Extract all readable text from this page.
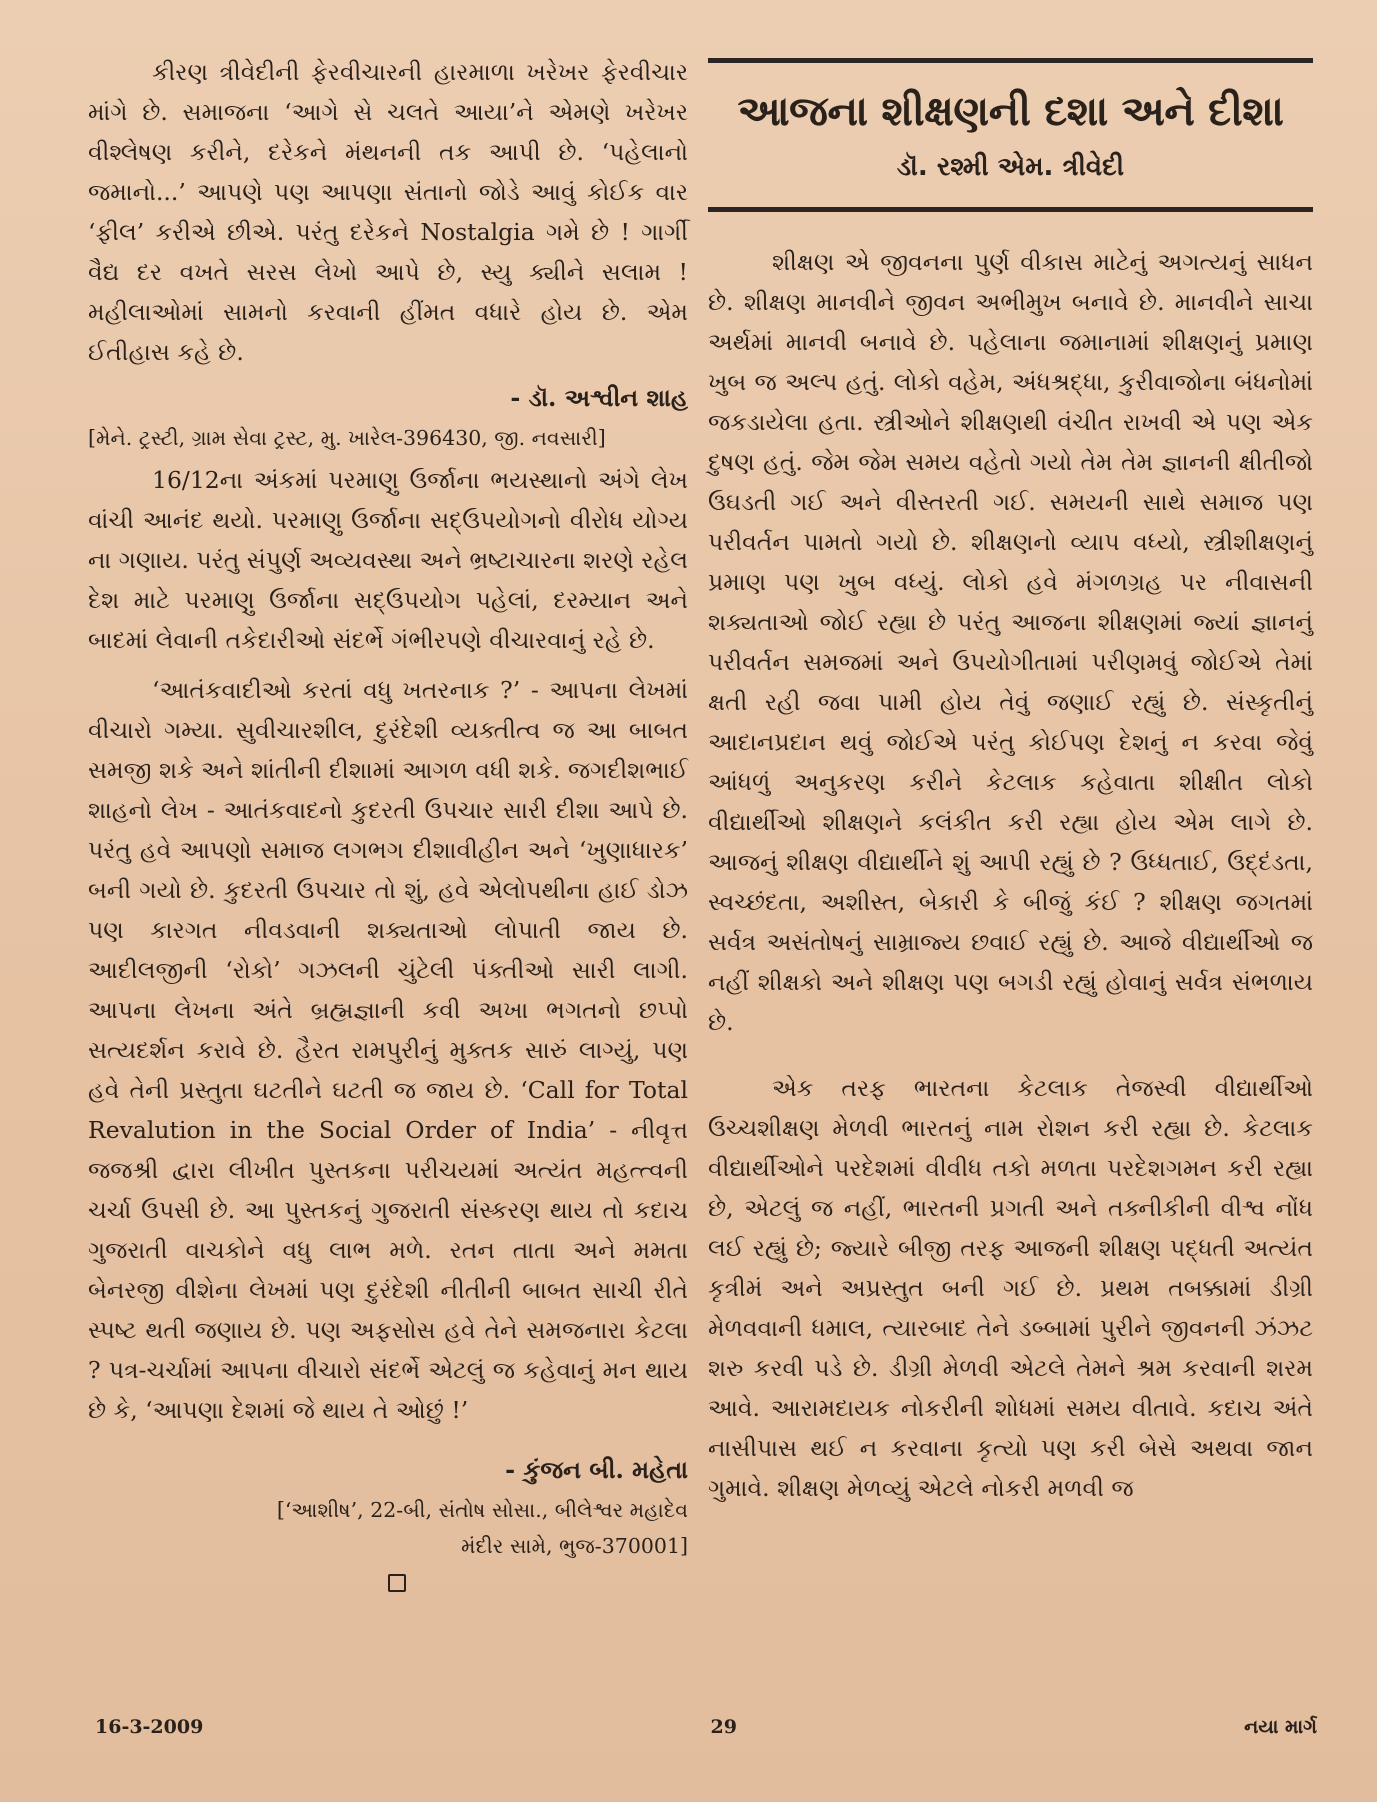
કીરણ ત્રીવેદીની ફેરવીચારની હારમાળા ખરેખર ફેરવીચાર માંગે છે. સમાજના ‘આગે સે ચલતે આયા’ને એમણે ખરેખર વીશ્લેષણ કરીને, દરેકને મંથનની તક આપી છે. ‘પહેલાનો જમાનો...’ આપણે પણ આપણા સંતાનો જોડે આવું કોઈક વાર ‘ફીલ’ કરીએ છીએ. પરંતુ દરેકને Nostalgia ગમે છે ! ગાર્ગી વૈદ્ય દર વખતે સરસ લેખો આપે છે, સ્યુ ક્યીને સલામ ! મહીલાઓમાં સામનો કરવાની હીંમત વધારે હોય છે. એમ ઈતીહાસ કહે છે.

- ડૉ. અશ્વીન શાહ
[મેને. ટ્રસ્ટી, ગ્રામ સેવા ટ્રસ્ટ, મુ. ખારેલ-396430, જી. નવસારી]

16/12ના અંકમાં પરમાણુ ઉર્જાના ભયસ્થાનો અંગે લેખ વાંચી આનંદ થયો. પરમાણુ ઉર્જાના સદ્ઉપયોગનો વીરોધ યોગ્ય ના ગણાય. પરંતુ સંપુર્ણ અવ્યવસ્થા અને ભ્રષ્ટાચારના શરણે રહેલ દેશ માટે પરમાણુ ઉર્જાના સદ્ઉપયોગ પહેલાં, દરમ્યાન અને બાદમાં લેવાની તકેદારીઓ સંદર્ભે ગંભીરપણે વીચારવાનું રહે છે.

‘આતંકવાદીઓ કરતાં વધુ ખતરનાક ?’ - આપના લેખમાં વીચારો ગમ્યા. સુવીચારશીલ, દુરંદેશી વ્યક્તીત્વ જ આ બાબત સમજી શકે અને શાંતીની દીશામાં આગળ વધી શકે. જગદીશભાઈ શાહનો લેખ - આતંકવાદનો કુદરતી ઉપચાર સારી દીશા આપે છે. પરંતુ હવે આપણો સમાજ લગભગ દીશાવીહીન અને ‘ખુણાધારક’ બની ગયો છે. કુદરતી ઉપચાર તો શું, હવે એલોપથીના હાઈ ડોઝ પણ કારગત નીવડવાની શક્યતાઓ લોપાતી જાય છે. આદીલજીની ‘રોકો’ ગઝલની ચુંટેલી પંક્તીઓ સારી લાગી. આપના લેખના અંતે બ્રહ્મજ્ઞાની કવી અખા ભગતનો છપ્પો સત્યદર્શન કરાવે છે. હૈરત રામપુરીનું મુક્તક સારું લાગ્યું, પણ હવે તેની પ્રસ્તુતા ઘટતીને ઘટતી જ જાય છે. ‘Call for Total Revalution in the Social Order of India’ - નીવૃત્ત જજશ્રી દ્વારા લીખીત પુસ્તકના પરીચયમાં અત્યંત મહત્ત્વની ચર્ચા ઉપસી છે. આ પુસ્તકનું ગુજરાતી સંસ્કરણ થાય તો કદાચ ગુજરાતી વાચકોને વધુ લાભ મળે. રતન તાતા અને મમતા બેનરજી વીશેના લેખમાં પણ દુરંદેશી નીતીની બાબત સાચી રીતે સ્પષ્ટ થતી જણાય છે. પણ અફસોસ હવે તેને સમજનારા કેટલા ? પત્ર-ચર્ચામાં આપના વીચારો સંદર્ભે એટલું જ કહેવાનું મન થાય છે કે, ‘આપણા દેશમાં જે થાય તે ઓછું !’

- કુંજન બી. મહેતા
[‘આશીષ’, 22-બી, સંતોષ સોસા., બીલેશ્વર મહાદેવ
મંદીર સામે, ભુજ-370001]
આજના શીક્ષણની દશા અને દીશા
ડૉ. રશ્મી એમ. ત્રીવેદી

શીક્ષણ એ જીવનના પુર્ણ વીકાસ માટેનું અગત્યનું સાધન છે. શીક્ષણ માનવીને જીવન અભીમુખ બનાવે છે. માનવીને સાચા અર્થમાં માનવી બનાવે છે. પહેલાના જમાનામાં શીક્ષણનું પ્રમાણ ખુબ જ અલ્પ હતું. લોકો વહેમ, અંધશ્રદ્ધા, કુરીવાજોના બંધનોમાં જકડાયેલા હતા. સ્ત્રીઓને શીક્ષણથી વંચીત રાખવી એ પણ એક દુષણ હતું. જેમ જેમ સમય વહેતો ગયો તેમ તેમ જ્ઞાનની ક્ષીતીજો ઉઘડતી ગઈ અને વીસ્તરતી ગઈ. સમયની સાથે સમાજ પણ પરીવર્તન પામતો ગયો છે. શીક્ષણનો વ્યાપ વધ્યો, સ્ત્રીશીક્ષણનું પ્રમાણ પણ ખુબ વધ્યું. લોકો હવે મંગળગ્રહ પર નીવાસની શક્યતાઓ જોઈ રહ્યા છે પરંતુ આજના શીક્ષણમાં જ્યાં જ્ઞાનનું પરીવર્તન સમજમાં અને ઉપયોગીતામાં પરીણમવું જોઈએ તેમાં ક્ષતી રહી જવા પામી હોય તેવું જણાઈ રહ્યું છે. સંસ્કૃતીનું આદાનપ્રદાન થવું જોઈએ પરંતુ કોઈપણ દેશનું ન કરવા જેવું આંધળું અનુકરણ કરીને કેટલાક કહેવાતા શીક્ષીત લોકો વીદ્યાર્થીઓ શીક્ષણને કલંકીત કરી રહ્યા હોય એમ લાગે છે. આજનું શીક્ષણ વીદ્યાર્થીને શું આપી રહ્યું છે ? ઉધ્ધતાઈ, ઉદ્દંડતા, સ્વચ્છંદતા, અશીસ્ત, બેકારી કે બીજું કંઈ ? શીક્ષણ જગતમાં સર્વત્ર અસંતોષનું સામ્રાજ્ય છવાઈ રહ્યું છે. આજે વીદ્યાર્થીઓ જ નહીં શીક્ષકો અને શીક્ષણ પણ બગડી રહ્યું હોવાનું સર્વત્ર સંભળાય છે.

એક તરફ ભારતના કેટલાક તેજસ્વી વીદ્યાર્થીઓ ઉચ્ચશીક્ષણ મેળવી ભારતનું નામ રોશન કરી રહ્યા છે. કેટલાક વીદ્યાર્થીઓને પરદેશમાં વીવીધ તકો મળતા પરદેશગમન કરી રહ્યા છે, એટલું જ નહીં, ભારતની પ્રગતી અને તક્નીકીની વીશ્વ નોંધ લઈ રહ્યું છે; જ્યારે બીજી તરફ આજની શીક્ષણ પદ્ધતી અત્યંત કૃત્રીમં અને અપ્રસ્તુત બની ગઈ છે. પ્રથમ તબક્કામાં ડીગ્રી મેળવવાની ધમાલ, ત્યારબાદ તેને ડબ્બામાં પુરીને જીવનની ઝંઝટ શરુ કરવી પડે છે. ડીગ્રી મેળવી એટલે તેમને શ્રમ કરવાની શરમ આવે. આરામદાયક નોકરીની શોધમાં સમય વીતાવે. કદાચ અંતે નાસીપાસ થઈ ન કરવાના કૃત્યો પણ કરી બેસે અથવા જાન ગુમાવે. શીક્ષણ મેળવ્યું એટલે નોકરી મળવી જ

16-3-2009	29	નયા માર્ગ
